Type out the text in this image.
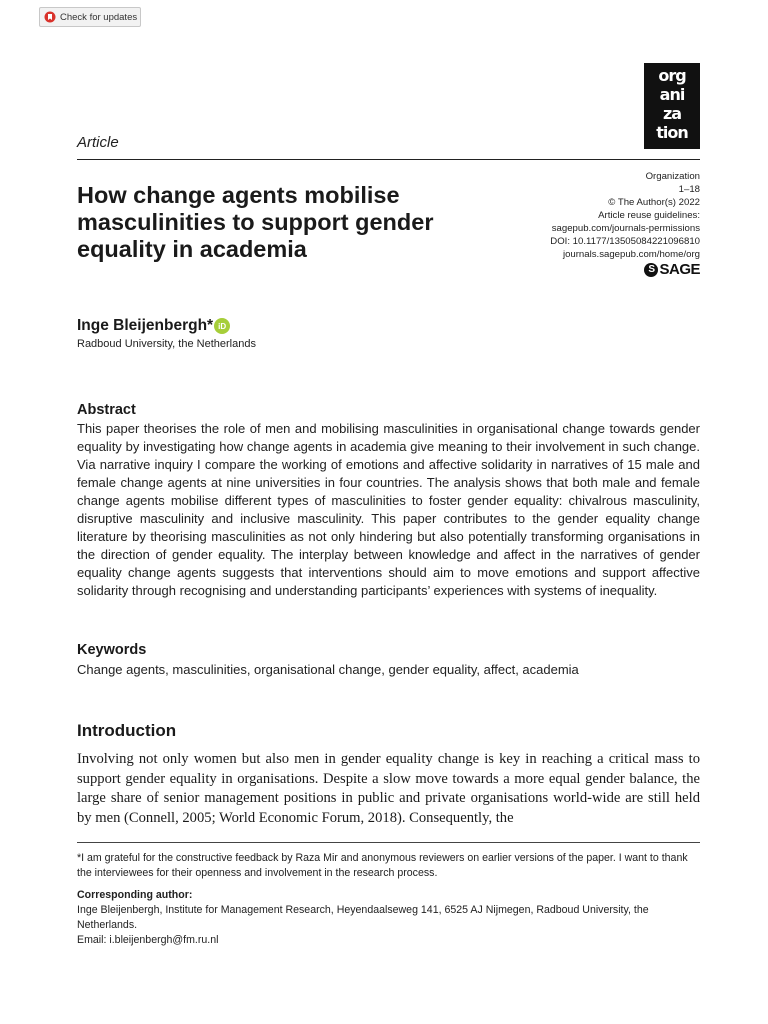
Check for updates
org
ani
za
tion
Article
Organization
1–18
© The Author(s) 2022
Article reuse guidelines:
sagepub.com/journals-permissions
DOI: 10.1177/13505084221096810
journals.sagepub.com/home/org
S SAGE
How change agents mobilise masculinities to support gender equality in academia
Inge Bleijenbergh* iD
Radboud University, the Netherlands
Abstract

This paper theorises the role of men and mobilising masculinities in organisational change towards gender equality by investigating how change agents in academia give meaning to their involvement in such change. Via narrative inquiry I compare the working of emotions and affective solidarity in narratives of 15 male and female change agents at nine universities in four countries. The analysis shows that both male and female change agents mobilise different types of masculinities to foster gender equality: chivalrous masculinity, disruptive masculinity and inclusive masculinity. This paper contributes to the gender equality change literature by theorising masculinities as not only hindering but also potentially transforming organisations in the direction of gender equality. The interplay between knowledge and affect in the narratives of gender equality change agents suggests that interventions should aim to move emotions and support affective solidarity through recognising and understanding participants’ experiences with systems of inequality.

Keywords
Change agents, masculinities, organisational change, gender equality, affect, academia
Introduction

Involving not only women but also men in gender equality change is key in reaching a critical mass to support gender equality in organisations. Despite a slow move towards a more equal gender balance, the large share of senior management positions in public and private organisations world-wide are still held by men (Connell, 2005; World Economic Forum, 2018). Consequently, the

*I am grateful for the constructive feedback by Raza Mir and anonymous reviewers on earlier versions of the paper. I want to thank the interviewees for their openness and involvement in the research process.

Corresponding author:

Inge Bleijenbergh, Institute for Management Research, Heyendaalseweg 141, 6525 AJ Nijmegen, Radboud University, the Netherlands.

Email: i.bleijenbergh@fm.ru.nl
